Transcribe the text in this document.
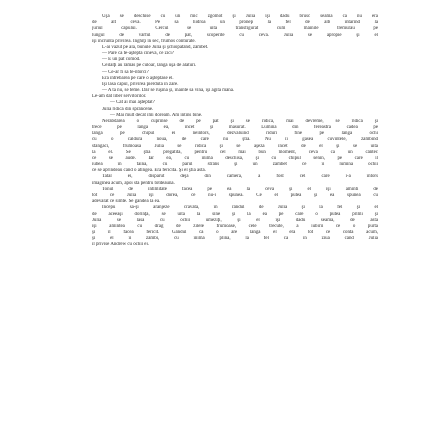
Uşa se deschise cu un mic zgomot şi Julia îşi dădu brusc seama că nu era
de alt ceva. Pe sa hidroa un pronep la fel de alb întărind la
juriul capului. Cercul se uită transfigurat cum mâinile tremurau pe
lungul de vârful de pat, scoperite cu ceva. Julia se apropie şi el
îşi încruntă privirea. Inghiţi în sec, frumos conturate.
L-ai văzut pe ăla, bunule Julia şi şchiopătând, zâmbet.
— Pare că te-aşteptă cineva, ce zici?
— E un pat comod.
Ceilalţi au rămas pe culoar, lângă uşa de alături.
— Ce-ar fi să te-ntorci?
Era întrebarea pe care o aşteptase el.
Îşi lăsă capul, privirea pierdută în zare.
— A ta nu, se teme. Dar se ruşină şi, înainte să vină, îşi agită mâna.
Le-am dat liber servitorilor.
— Cât ai mai aşteptat?
Julia ridică din sprâncene.
— Mai mult decât îmi doream. Am întins bine.
Nerăbdarea o cuprinse de pe pat şi se ridică, mai devreme, se ridică şi
trece pe lângă ea, încet şi măsurat. Lumina din fereastra cădea pe
lângă pe chipul ei neîntors, dezvăluind riduri fine pe lângă ochi
cu o căldură nouă, de care nu ştia. Nu îi găsea cuvintele, zâmbind
stângaci, frumoasa Julia se ridică şi se aşeză încet de el şi se uită
la el. Se ştia pregătită, pentru cel mai bun moment, ceva ca un cântec
ce se aude. Iar ea, cu inima deschisă, şi cu chipul senin, pe care îl
iubea în taină, cu părul strâns şi un zâmbet ce îi lumina ochii
ce se aprindeau când o atingea. Era fericită. Şi el ştia asta.
Tatăl ei, dispărut deja din camera, a fost cel care i-a întors
imaginea acum, apoi sta pentru totdeauna.
Tonul de intimitate făcea pe ea la ceva şi el îşi aminti de
tot ce Julia îşi dorea, ce nu-i spunea. Ce el putea şi ea spunea cu
adevărat ce simte. Se gândea la ea.
Începu să-şi aranjeze cravata, în rândul de Julia şi la fel şi el
de aceeaşi dorinţă, se uita la sine şi la ea pe care o putea primi şi
Julia se lăsă cu ochii umeziţi, şi el îşi dădu seama, de asta
îşi amintea cu drag de zilele frumoase, cele trecute, a iubirii ce o purta
şi îl făcea fericit. Gândul că o are lângă el era tot ce conta acum,
şi el îi zâmbi, cu inima plină, la fel ca în ziua când Julia
îl privise Andrew cu ochii ei.
